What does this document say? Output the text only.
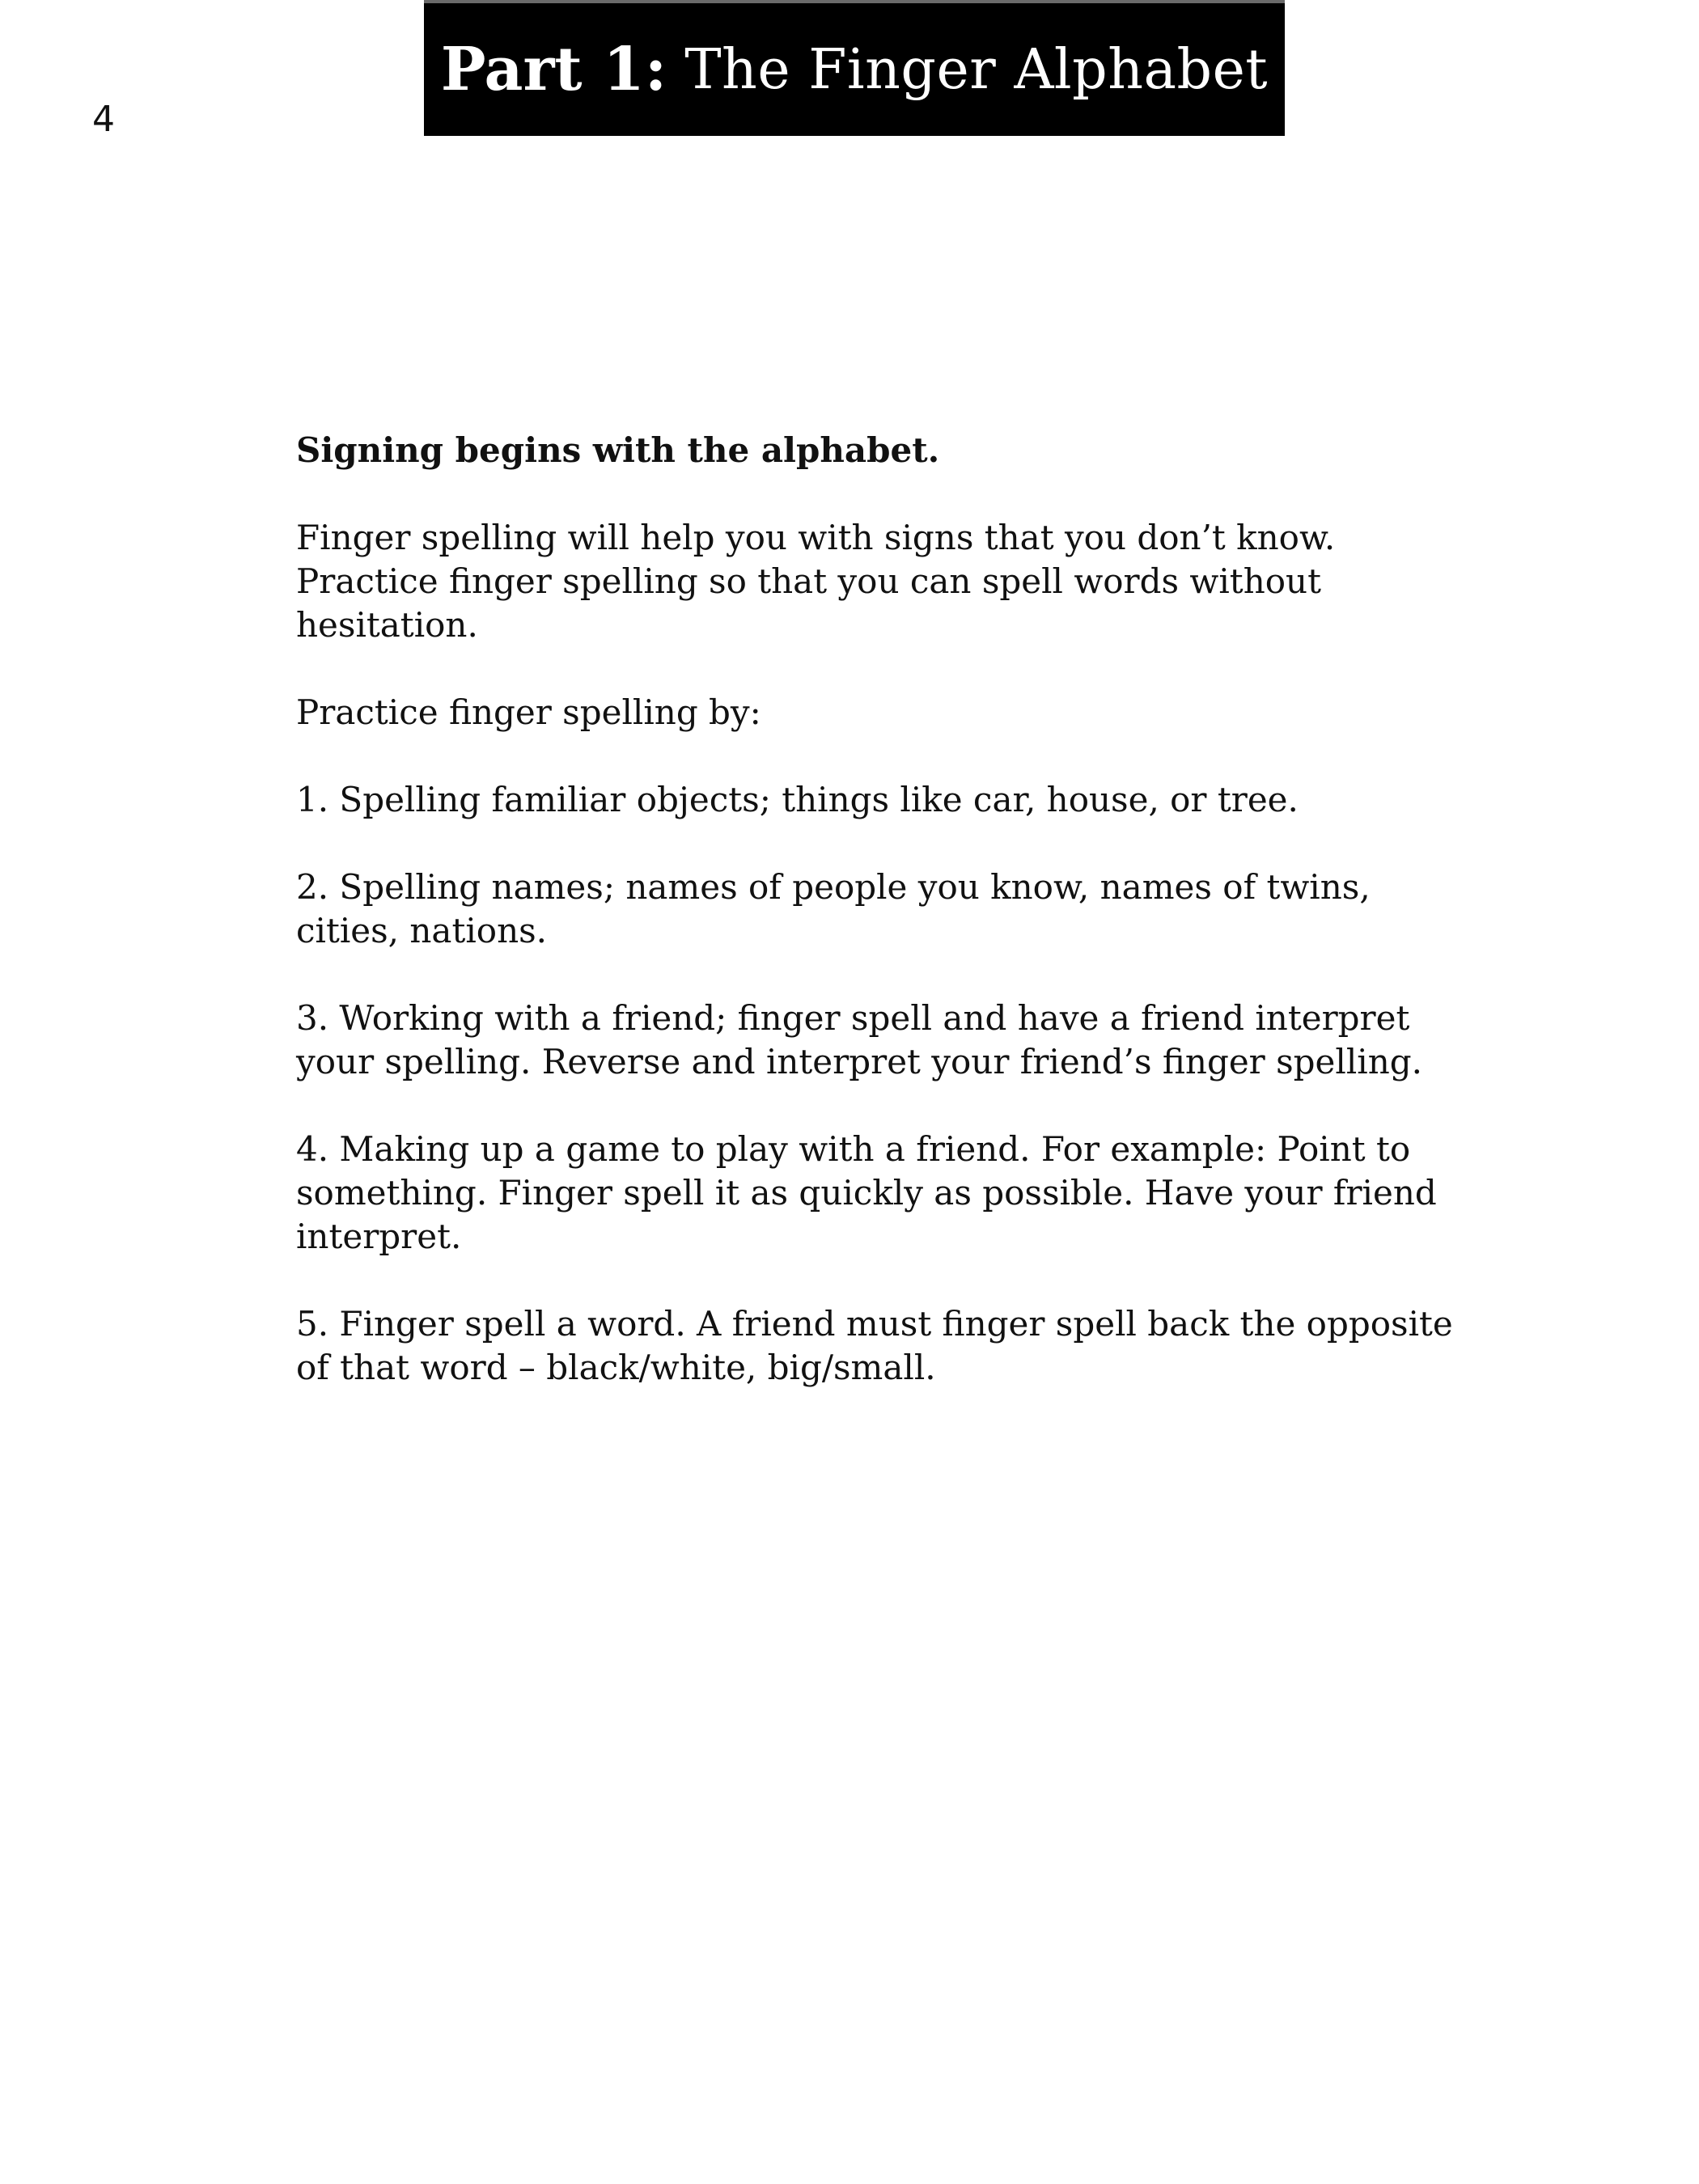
4
Part 1: The Finger Alphabet

Signing begins with the alphabet.

Finger spelling will help you with signs that you don’t know. Practice finger spelling so that you can spell words without hesitation.

Practice finger spelling by:

1. Spelling familiar objects; things like car, house, or tree.

2. Spelling names; names of people you know, names of twins, cities, nations.

3. Working with a friend; finger spell and have a friend interpret your spelling. Reverse and interpret your friend’s finger spelling.

4. Making up a game to play with a friend. For example: Point to something. Finger spell it as quickly as possible. Have your friend interpret.

5. Finger spell a word. A friend must finger spell back the opposite of that word – black/white, big/small.
